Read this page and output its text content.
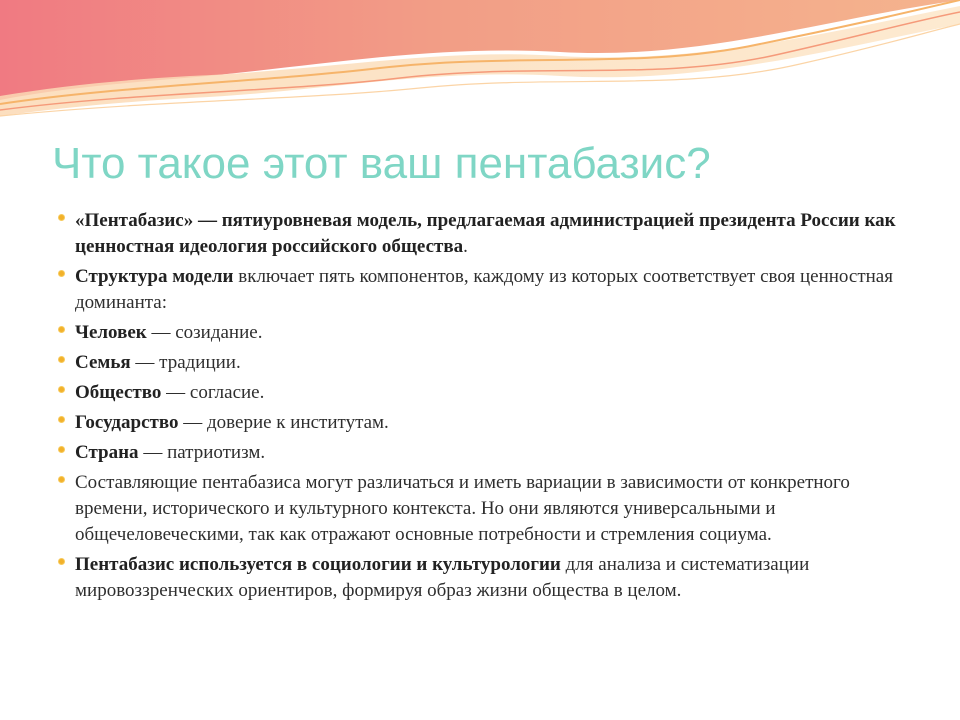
Что такое этот ваш пентабазис?
«Пентабазис» — пятиуровневая модель, предлагаемая администрацией президента России как ценностная идеология российского общества.
Структура модели включает пять компонентов, каждому из которых соответствует своя ценностная доминанта:
Человек — созидание.
Семья — традиции.
Общество — согласие.
Государство — доверие к институтам.
Страна — патриотизм.
Составляющие пентабазиса могут различаться и иметь вариации в зависимости от конкретного времени, исторического и культурного контекста. Но они являются универсальными и общечеловеческими, так как отражают основные потребности и стремления социума.
Пентабазис используется в социологии и культурологии для анализа и систематизации мировоззренческих ориентиров, формируя образ жизни общества в целом.
